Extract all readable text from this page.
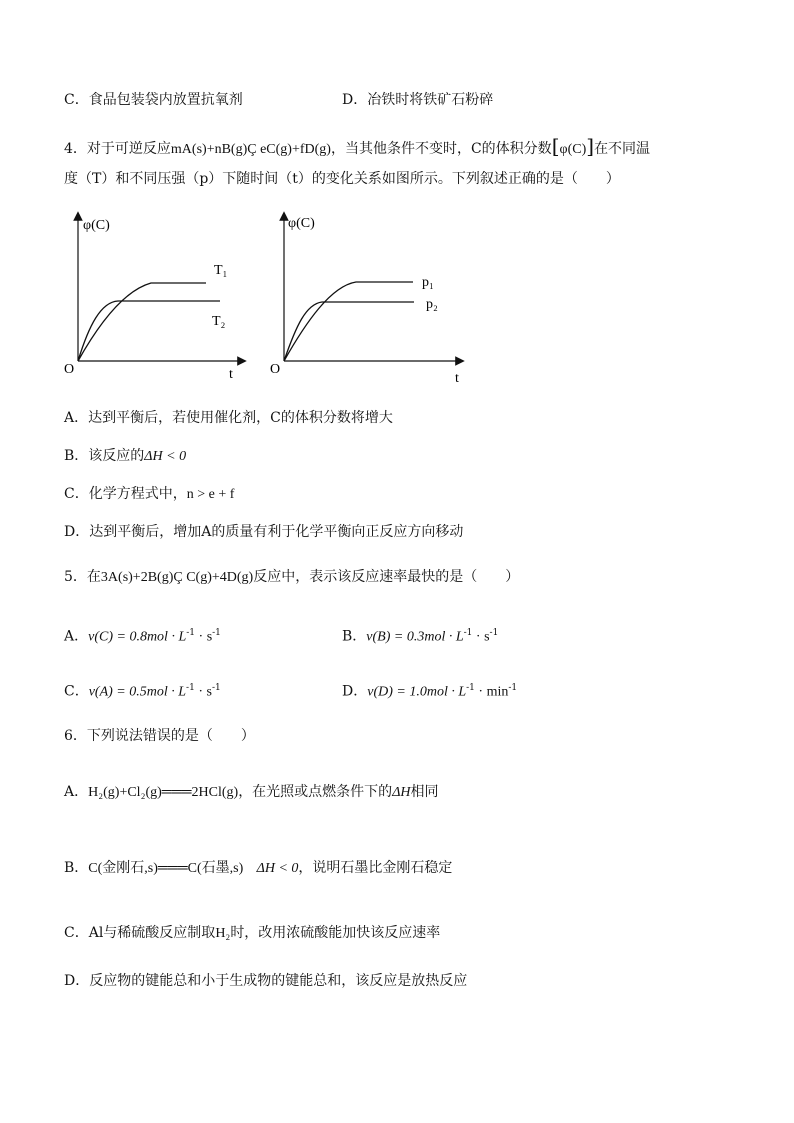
C．食品包装袋内放置抗氧剂	D．冶铁时将铁矿石粉碎
4．对于可逆反应mA(s)+nB(g)Ç eC(g)+fD(g)，当其他条件不变时，C的体积分数[φ(C)]在不同温
度（T）和不同压强（p）下随时间（t）的变化关系如图所示。下列叙述正确的是（　　）
φ(C)
O	t
T₁
T₂
φ(C)
O
t
p₁
p₂
A．达到平衡后，若使用催化剂，C的体积分数将增大
B．该反应的ΔH < 0
C．化学方程式中，n > e + f
D．达到平衡后，增加A的质量有利于化学平衡向正反应方向移动
5．在3A(s)+2B(g)Ç C(g)+4D(g)反应中，表示该反应速率最快的是（　　）
A．$v(C) = 0.8mol \cdot L^{-1} \cdot s^{-1}$	B．$v(B) = 0.3mol \cdot L^{-1} \cdot s^{-1}$
C．$v(A) = 0.5mol \cdot L^{-1} \cdot s^{-1}$	D．$v(D) = 1.0mol \cdot L^{-1} \cdot \min^{-1}$
6．下列说法错误的是（　　）
A．H₂(g)+Cl₂(g)═══2HCl(g)，在光照或点燃条件下的ΔH相同
B．C(金刚石,s)═══C(石墨,s) ΔH < 0，说明石墨比金刚石稳定
C．Al与稀硫酸反应制取H₂时，改用浓硫酸能加快该反应速率
D．反应物的键能总和小于生成物的键能总和，该反应是放热反应
